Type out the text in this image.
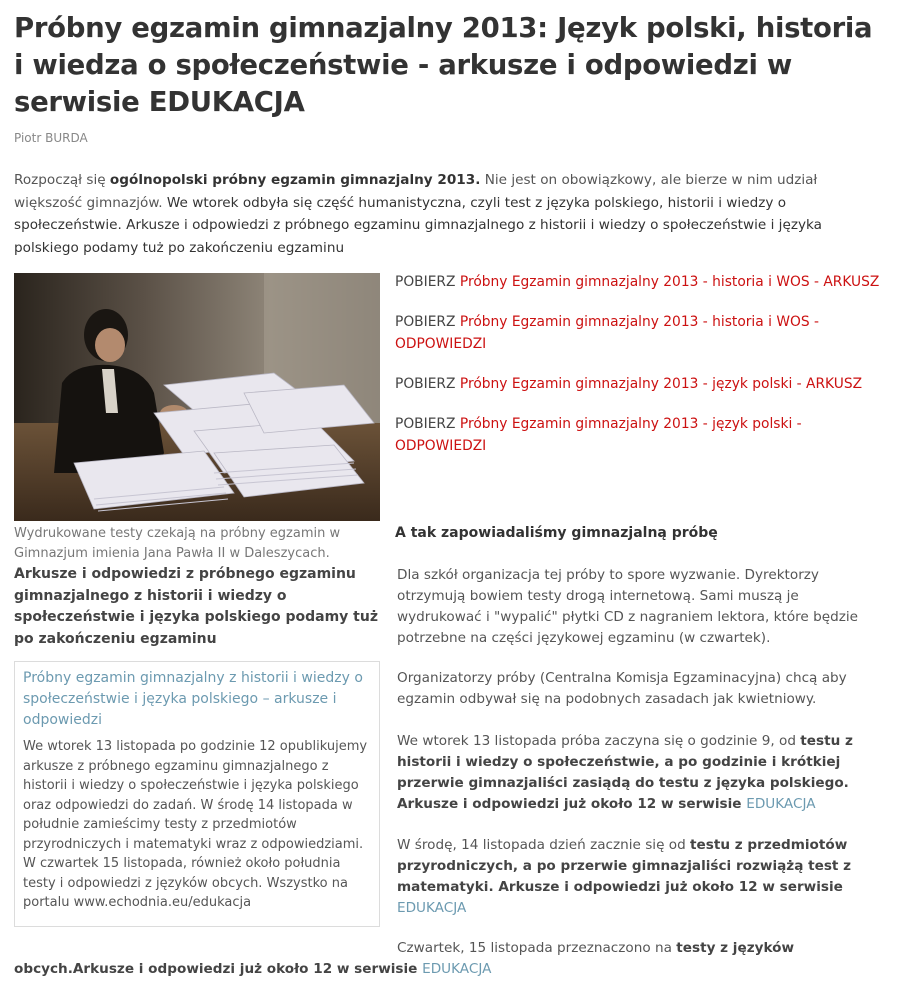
Próbny egzamin gimnazjalny 2013: Język polski, historia i wiedza o społeczeństwie - arkusze i odpowiedzi w serwisie EDUKACJA
Piotr BURDA

Rozpoczął się ogólnopolski próbny egzamin gimnazjalny 2013. Nie jest on obowiązkowy, ale bierze w nim udział większość gimnazjów. We wtorek odbyła się część humanistyczna, czyli test z języka polskiego, historii i wiedzy o społeczeństwie. Arkusze i odpowiedzi z próbnego egzaminu gimnazjalnego z historii i wiedzy o społeczeństwie i języka polskiego podamy tuż po zakończeniu egzaminu

Wydrukowane testy czekają na próbny egzamin w Gimnazjum imienia Jana Pawła II w Daleszycach.
Arkusze i odpowiedzi z próbnego egzaminu gimnazjalnego z historii i wiedzy o społeczeństwie i języka polskiego podamy tuż po zakończeniu egzaminu

Próbny egzamin gimnazjalny z historii i wiedzy o społeczeństwie i języka polskiego – arkusze i odpowiedzi

We wtorek 13 listopada po godzinie 12 opublikujemy arkusze z próbnego egzaminu gimnazjalnego z historii i wiedzy o społeczeństwie i języka polskiego oraz odpowiedzi do zadań. W środę 14 listopada w południe zamieścimy testy z przedmiotów przyrodniczych i matematyki wraz z odpowiedziami. W czwartek 15 listopada, również około południa testy i odpowiedzi z języków obcych. Wszystko na portalu www.echodnia.eu/edukacja

POBIERZ Próbny Egzamin gimnazjalny 2013 - historia i WOS - ARKUSZ

POBIERZ Próbny Egzamin gimnazjalny 2013 - historia i WOS - ODPOWIEDZI

POBIERZ Próbny Egzamin gimnazjalny 2013 - język polski - ARKUSZ

POBIERZ Próbny Egzamin gimnazjalny 2013 - język polski - ODPOWIEDZI

A tak zapowiadaliśmy gimnazjalną próbę

Dla szkół organizacja tej próby to spore wyzwanie. Dyrektorzy otrzymują bowiem testy drogą internetową. Sami muszą je wydrukować i "wypalić" płytki CD z nagraniem lektora, które będzie potrzebne na części językowej egzaminu (w czwartek).

Organizatorzy próby (Centralna Komisja Egzaminacyjna) chcą aby egzamin odbywał się na podobnych zasadach jak kwietniowy.

We wtorek 13 listopada próba zaczyna się o godzinie 9, od testu z historii i wiedzy o społeczeństwie, a po godzinie i krótkiej przerwie gimnazjaliści zasiądą do testu z języka polskiego. Arkusze i odpowiedzi już około 12 w serwisie EDUKACJA

W środę, 14 listopada dzień zacznie się od testu z przedmiotów przyrodniczych, a po przerwie gimnazjaliści rozwiążą test z matematyki. Arkusze i odpowiedzi już około 12 w serwisie EDUKACJA

Czwartek, 15 listopada przeznaczono na testy z języków

obcych.Arkusze i odpowiedzi już około 12 w serwisie EDUKACJA
